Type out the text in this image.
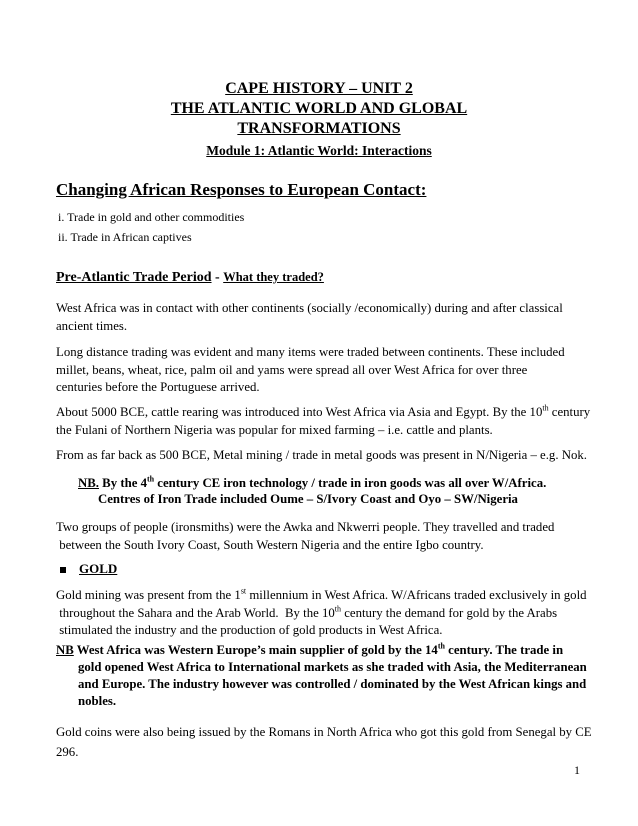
CAPE HISTORY – UNIT 2
THE ATLANTIC WORLD AND GLOBAL
TRANSFORMATIONS
Module 1: Atlantic World: Interactions
Changing African Responses to European Contact:
i. Trade in gold and other commodities
ii. Trade in African captives
Pre-Atlantic Trade Period - What they traded?
West Africa was in contact with other continents (socially /economically) during and after classical
ancient times.
Long distance trading was evident and many items were traded between continents. These included
millet, beans, wheat, rice, palm oil and yams were spread all over West Africa for over three
centuries before the Portuguese arrived.
About 5000 BCE, cattle rearing was introduced into West Africa via Asia and Egypt. By the 10th century
the Fulani of Northern Nigeria was popular for mixed farming – i.e. cattle and plants.
From as far back as 500 BCE, Metal mining / trade in metal goods was present in N/Nigeria – e.g. Nok.
NB. By the 4th century CE iron technology / trade in iron goods was all over W/Africa.
Centres of Iron Trade included Oume – S/Ivory Coast and Oyo – SW/Nigeria
Two groups of people (ironsmiths) were the Awka and Nkwerri people. They travelled and traded
between the South Ivory Coast, South Western Nigeria and the entire Igbo country.
GOLD
Gold mining was present from the 1st millennium in West Africa. W/Africans traded exclusively in gold
throughout the Sahara and the Arab World.  By the 10th century the demand for gold by the Arabs
stimulated the industry and the production of gold products in West Africa.
NB West Africa was Western Europe’s main supplier of gold by the 14th century. The trade in
gold opened West Africa to International markets as she traded with Asia, the Mediterranean
and Europe. The industry however was controlled / dominated by the West African kings and
nobles.
Gold coins were also being issued by the Romans in North Africa who got this gold from Senegal by CE
296.
1
